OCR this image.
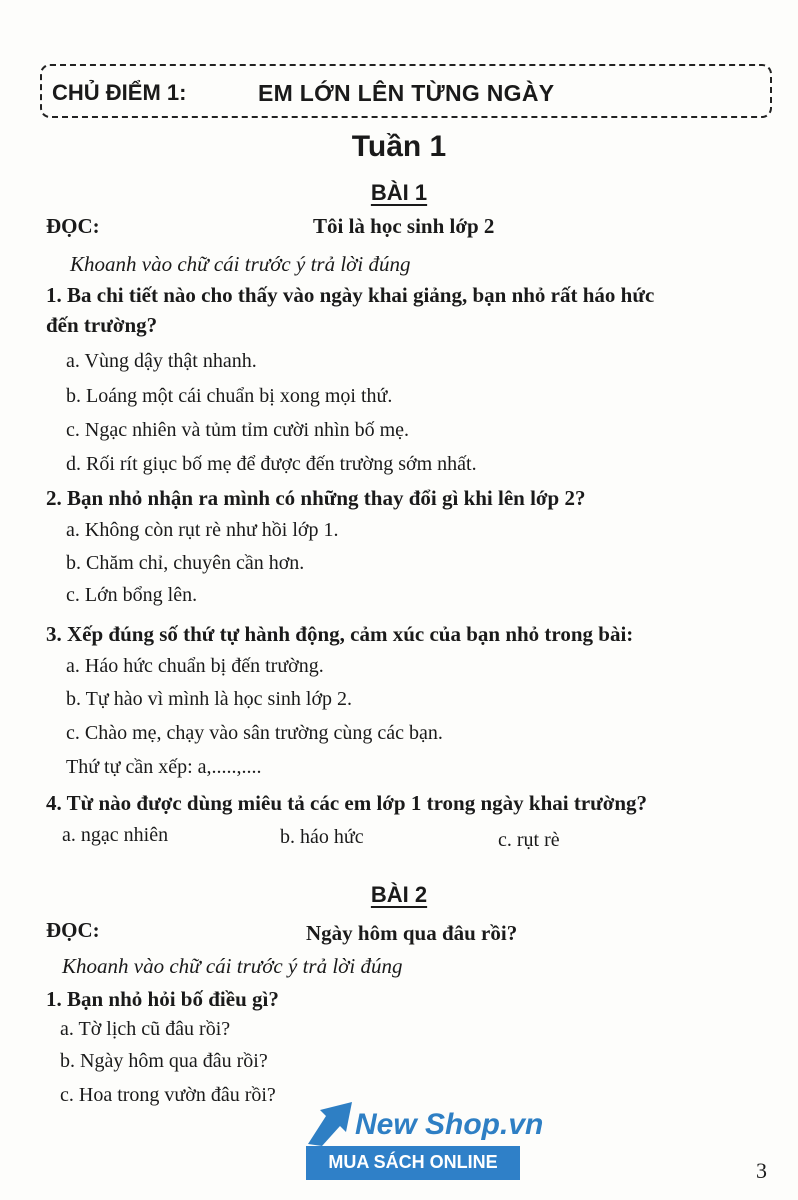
CHỦ ĐIỂM 1:	EM LỚN LÊN TỪNG NGÀY
Tuần 1
BÀI 1
ĐỌC:	Tôi là học sinh lớp 2
Khoanh vào chữ cái trước ý trả lời đúng
1. Ba chi tiết nào cho thấy vào ngày khai giảng, bạn nhỏ rất háo hức
đến trường?
a. Vùng dậy thật nhanh.
b. Loáng một cái chuẩn bị xong mọi thứ.
c. Ngạc nhiên và tủm tỉm cười nhìn bố mẹ.
d. Rối rít giục bố mẹ để được đến trường sớm nhất.
2. Bạn nhỏ nhận ra mình có những thay đổi gì khi lên lớp 2?
a. Không còn rụt rè như hồi lớp 1.
b. Chăm chỉ, chuyên cần hơn.
c. Lớn bổng lên.
3. Xếp đúng số thứ tự hành động, cảm xúc của bạn nhỏ trong bài:
a. Háo hức chuẩn bị đến trường.
b. Tự hào vì mình là học sinh lớp 2.
c. Chào mẹ, chạy vào sân trường cùng các bạn.
Thứ tự cần xếp: a,.....,....
4. Từ nào được dùng miêu tả các em lớp 1 trong ngày khai trường?
a. ngạc nhiên	b. háo hức	c. rụt rè
BÀI 2
ĐỌC:	Ngày hôm qua đâu rồi?
Khoanh vào chữ cái trước ý trả lời đúng
1. Bạn nhỏ hỏi bố điều gì?
a. Tờ lịch cũ đâu rồi?
b. Ngày hôm qua đâu rồi?
c. Hoa trong vườn đâu rồi?
New Shop.vn
MUA SÁCH ONLINE	3
